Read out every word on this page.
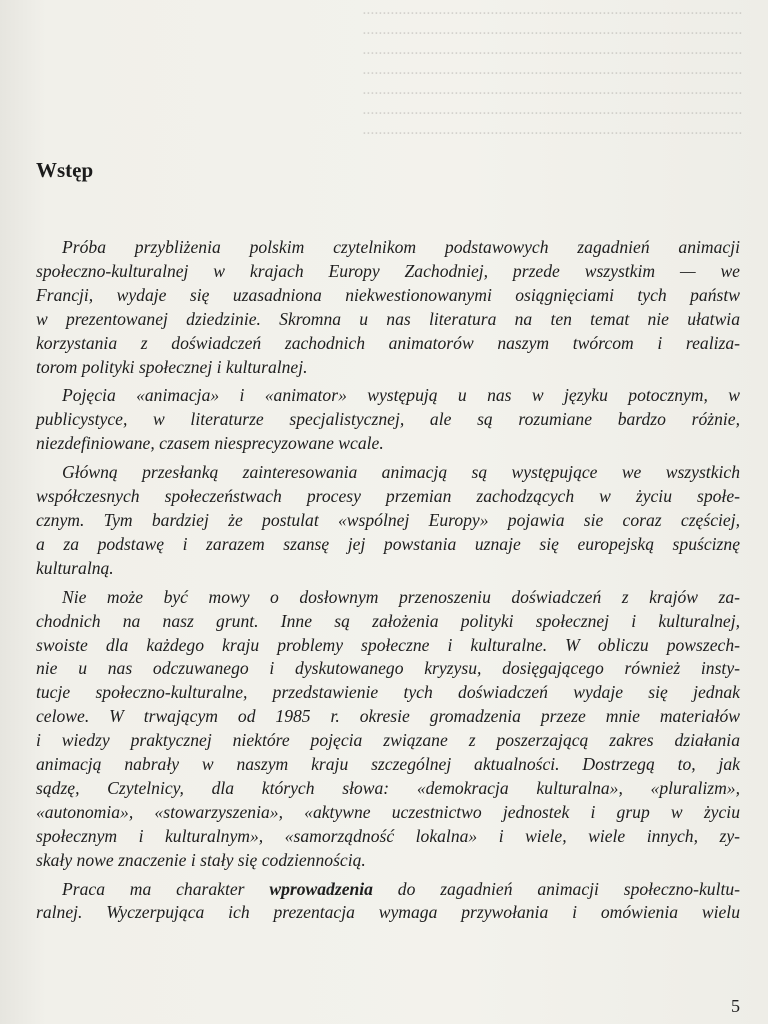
...............................................................................................
...............................................................................................
...............................................................................................
...............................................................................................
...............................................................................................
...............................................................................................
...............................................................................................
Wstęp

Próba przybliżenia polskim czytelnikom podstawowych zagadnień animacji
społeczno-kulturalnej w krajach Europy Zachodniej, przede wszystkim — we
Francji, wydaje się uzasadniona niekwestionowanymi osiągnięciami tych państw
w prezentowanej dziedzinie. Skromna u nas literatura na ten temat nie ułatwia
korzystania z doświadczeń zachodnich animatorów naszym twórcom i realiza-
torom polityki społecznej i kulturalnej.

Pojęcia «animacja» i «animator» występują u nas w języku potocznym, w
publicystyce, w literaturze specjalistycznej, ale są rozumiane bardzo różnie,
niezdefiniowane, czasem niesprecyzowane wcale.

Główną przesłanką zainteresowania animacją są występujące we wszystkich
współczesnych społeczeństwach procesy przemian zachodzących w życiu społe-
cznym. Tym bardziej że postulat «wspólnej Europy» pojawia sie coraz częściej,
a za podstawę i zarazem szansę jej powstania uznaje się europejską spuściznę
kulturalną.

Nie może być mowy o dosłownym przenoszeniu doświadczeń z krajów za-
chodnich na nasz grunt. Inne są założenia polityki społecznej i kulturalnej,
swoiste dla każdego kraju problemy społeczne i kulturalne. W obliczu powszech-
nie u nas odczuwanego i dyskutowanego kryzysu, dosięgającego również insty-
tucje społeczno-kulturalne, przedstawienie tych doświadczeń wydaje się jednak
celowe. W trwającym od 1985 r. okresie gromadzenia przeze mnie materiałów
i wiedzy praktycznej niektóre pojęcia związane z poszerzającą zakres działania
animacją nabrały w naszym kraju szczególnej aktualności. Dostrzegą to, jak
sądzę, Czytelnicy, dla których słowa: «demokracja kulturalna», «pluralizm»,
«autonomia», «stowarzyszenia», «aktywne uczestnictwo jednostek i grup w życiu
społecznym i kulturalnym», «samorządność lokalna» i wiele, wiele innych, zy-
skały nowe znaczenie i stały się codziennością.

Praca ma charakter wprowadzenia do zagadnień animacji społeczno-kultu-
ralnej. Wyczerpująca ich prezentacja wymaga przywołania i omówienia wielu

5
